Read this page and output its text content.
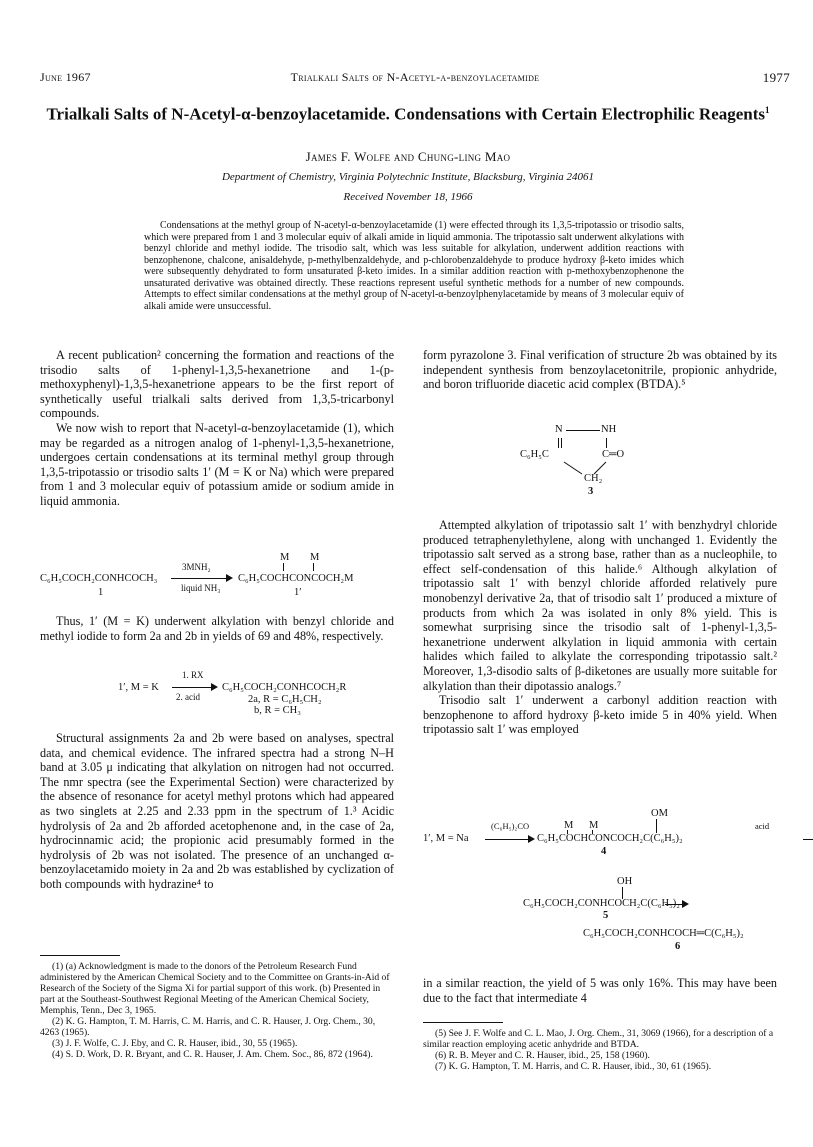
June 1967	Trialkali Salts of N-Acetyl-α-benzoylacetamide	1977
Trialkali Salts of N-Acetyl-α-benzoylacetamide. Condensations with Certain Electrophilic Reagents$^1$
James F. Wolfe and Chung-ling Mao
Department of Chemistry, Virginia Polytechnic Institute, Blacksburg, Virginia 24061
Received November 18, 1966
Condensations at the methyl group of N-acetyl-α-benzoylacetamide (1) were effected through its 1,3,5-tripotassio or trisodio salts, which were prepared from 1 and 3 molecular equiv of alkali amide in liquid ammonia. The tripotassio salt underwent alkylations with benzyl chloride and methyl iodide. The trisodio salt, which was less suitable for alkylation, underwent addition reactions with benzophenone, chalcone, anisaldehyde, p-methylbenzaldehyde, and p-chlorobenzaldehyde to produce hydroxy β-keto imides which were subsequently dehydrated to form unsaturated β-keto imides. In a similar addition reaction with p-methoxybenzophenone the unsaturated derivative was obtained directly. These reactions represent useful synthetic methods for a number of new compounds. Attempts to effect similar condensations at the methyl group of N-acetyl-α-benzoylphenylacetamide by means of 3 molecular equiv of alkali amide were unsuccessful.

A recent publication² concerning the formation and reactions of the trisodio salts of 1-phenyl-1,3,5-hexanetrione and 1-(p-methoxyphenyl)-1,3,5-hexanetrione appears to be the first report of synthetically useful trialkali salts derived from 1,3,5-tricarbonyl compounds.

We now wish to report that N-acetyl-α-benzoylacetamide (1), which may be regarded as a nitrogen analog of 1-phenyl-1,3,5-hexanetrione, undergoes certain condensations at its terminal methyl group through 1,3,5-tripotassio or trisodio salts 1′ (M = K or Na) which were prepared from 1 and 3 molecular equiv of potassium amide or sodium amide in liquid ammonia.

M M
C₆H₅COCH₂CONHCOCH₃
1
3MNH₂
liquid NH₃
C₆H₅COCHCONCOCH₂M
1′

Thus, 1′ (M = K) underwent alkylation with benzyl chloride and methyl iodide to form 2a and 2b in yields of 69 and 48%, respectively.

1′, M = K
1. RX
2. acid
C₆H₅COCH₂CONHCOCH₂R
2a, R = C₆H₅CH₂
b, R = CH₃

Structural assignments 2a and 2b were based on analyses, spectral data, and chemical evidence. The infrared spectra had a strong N–H band at 3.05 μ indicating that alkylation on nitrogen had not occurred. The nmr spectra (see the Experimental Section) were characterized by the absence of resonance for acetyl methyl protons which had appeared as two singlets at 2.25 and 2.33 ppm in the spectrum of 1.³ Acidic hydrolysis of 2a and 2b afforded acetophenone and, in the case of 2a, hydrocinnamic acid; the propionic acid presumably formed in the hydrolysis of 2b was not isolated. The presence of an unchanged α-benzoylacetamido moiety in 2a and 2b was established by cyclization of both compounds with hydrazine⁴ to

(1) (a) Acknowledgment is made to the donors of the Petroleum Research Fund administered by the American Chemical Society and to the Committee on Grants-in-Aid of Research of the Society of the Sigma Xi for partial support of this work. (b) Presented in part at the Southeast-Southwest Regional Meeting of the American Chemical Society, Memphis, Tenn., Dec 3, 1965.

(2) K. G. Hampton, T. M. Harris, C. M. Harris, and C. R. Hauser, J. Org. Chem., 30, 4263 (1965).

(3) J. F. Wolfe, C. J. Eby, and C. R. Hauser, ibid., 30, 55 (1965).

(4) S. D. Work, D. R. Bryant, and C. R. Hauser, J. Am. Chem. Soc., 86, 872 (1964).

form pyrazolone 3. Final verification of structure 2b was obtained by its independent synthesis from benzoylacetonitrile, propionic anhydride, and boron trifluoride diacetic acid complex (BTDA).⁵

N	NH
C₆H₅C	C═O
CH₂
3

Attempted alkylation of tripotassio salt 1′ with benzhydryl chloride produced tetraphenylethylene, along with unchanged 1. Evidently the tripotassio salt served as a strong base, rather than as a nucleophile, to effect self-condensation of this halide.⁶ Although alkylation of tripotassio salt 1′ with benzyl chloride afforded relatively pure monobenzyl derivative 2a, that of trisodio salt 1′ produced a mixture of products from which 2a was isolated in only 8% yield. This is somewhat surprising since the trisodio salt of 1-phenyl-1,3,5-hexanetrione underwent alkylation in liquid ammonia with certain halides which failed to alkylate the corresponding tripotassio salt.² Moreover, 1,3-disodio salts of β-diketones are usually more suitable for alkylation than their dipotassio analogs.⁷

Trisodio salt 1′ underwent a carbonyl addition reaction with benzophenone to afford hydroxy β-keto imide 5 in 40% yield. When tripotassio salt 1′ was employed

OM
M M
1′, M = Na
(C₆H₅)₂CO

C₆H₅COCHCONCOCH₂C(C₆H₅)₂
acid
4
OH
C₆H₅COCH₂CONHCOCH₂C(C₆H₅)₂
5
C₆H₅COCH₂CONHCOCH═C(C₆H₅)₂
6

in a similar reaction, the yield of 5 was only 16%. This may have been due to the fact that intermediate 4

(5) See J. F. Wolfe and C. L. Mao, J. Org. Chem., 31, 3069 (1966), for a description of a similar reaction employing acetic anhydride and BTDA.

(6) R. B. Meyer and C. R. Hauser, ibid., 25, 158 (1960).

(7) K. G. Hampton, T. M. Harris, and C. R. Hauser, ibid., 30, 61 (1965).
